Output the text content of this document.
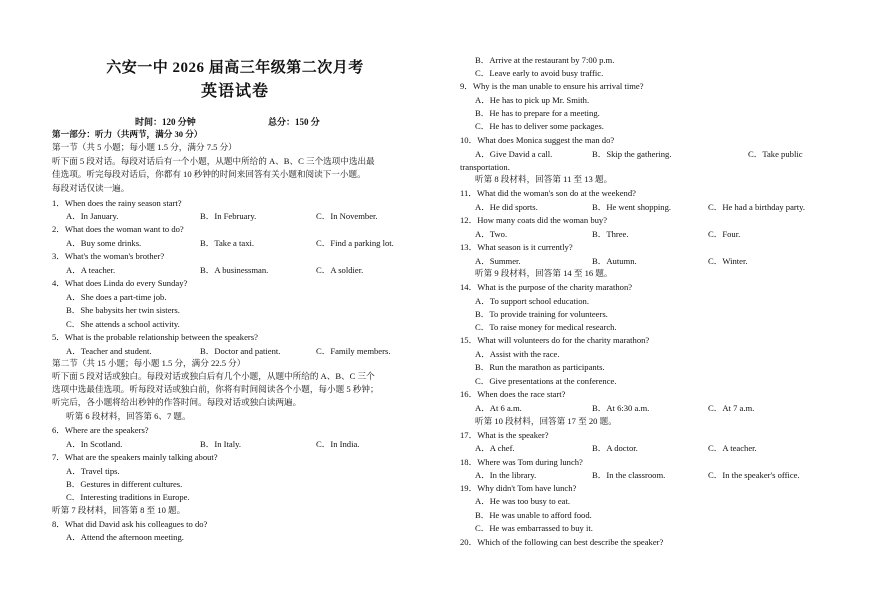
六安一中 2026 届高三年级第二次月考
英语试卷
时间：120 分钟	总分：150 分
第一部分：听力（共两节，满分 30 分）
第一节（共 5 小题；每小题 1.5 分，满分 7.5 分）
听下面 5 段对话。每段对话后有一个小题，从题中所给的 A、B、C 三个选项中选出最
佳选项。听完每段对话后，你都有 10 秒钟的时间来回答有关小题和阅读下一小题。
每段对话仅读一遍。
1．When does the rainy season start?
A．In January.	B．In February.	C．In November.
2．What does the woman want to do?
A．Buy some drinks.	B．Take a taxi.	C．Find a parking lot.
3．What's the woman's brother?
A．A teacher.	B．A businessman.	C．A soldier.
4．What does Linda do every Sunday?
A．She does a part-time job.
B．She babysits her twin sisters.
C．She attends a school activity.
5．What is the probable relationship between the speakers?
A．Teacher and student.	B．Doctor and patient.	C．Family members.
第二节（共 15 小题；每小题 1.5 分，满分 22.5 分）
听下面 5 段对话或独白。每段对话或独白后有几个小题，从题中所给的 A、B、C 三个
选项中选最佳选项。听每段对话或独白前，你将有时间阅读各个小题，每小题 5 秒钟；
听完后，各小题将给出秒钟的作答时间。每段对话或独白读两遍。
听第 6 段材料，回答第 6、7 题。
6．Where are the speakers?
A．In Scotland.	B．In Italy.	C．In India.
7．What are the speakers mainly talking about?
A．Travel tips.
B．Gestures in different cultures.
C．Interesting traditions in Europe.
听第 7 段材料，回答第 8 至 10 题。
8．What did David ask his colleagues to do?
A．Attend the afternoon meeting.
B．Arrive at the restaurant by 7:00 p.m.
C．Leave early to avoid busy traffic.
9．Why is the man unable to ensure his arrival time?
A．He has to pick up Mr. Smith.
B．He has to prepare for a meeting.
C．He has to deliver some packages.
10．What does Monica suggest the man do?
A．Give David a call.	B．Skip the gathering.	C．Take public
transportation.
听第 8 段材料，回答第 11 至 13 题。
11．What did the woman's son do at the weekend?
A．He did sports.	B．He went shopping.	C．He had a birthday party.
12．How many coats did the woman buy?
A．Two.	B．Three.	C．Four.
13．What season is it currently?
A．Summer.	B．Autumn.	C．Winter.
听第 9 段材料，回答第 14 至 16 题。
14．What is the purpose of the charity marathon?
A．To support school education.
B．To provide training for volunteers.
C．To raise money for medical research.
15．What will volunteers do for the charity marathon?
A．Assist with the race.
B．Run the marathon as participants.
C．Give presentations at the conference.
16．When does the race start?
A．At 6 a.m.	B．At 6:30 a.m.	C．At 7 a.m.
听第 10 段材料，回答第 17 至 20 题。
17．What is the speaker?
A．A chef.	B．A doctor.	C．A teacher.
18．Where was Tom during lunch?
A．In the library.	B．In the classroom.	C．In the speaker's office.
19．Why didn't Tom have lunch?
A．He was too busy to eat.
B．He was unable to afford food.
C．He was embarrassed to buy it.
20．Which of the following can best describe the speaker?
